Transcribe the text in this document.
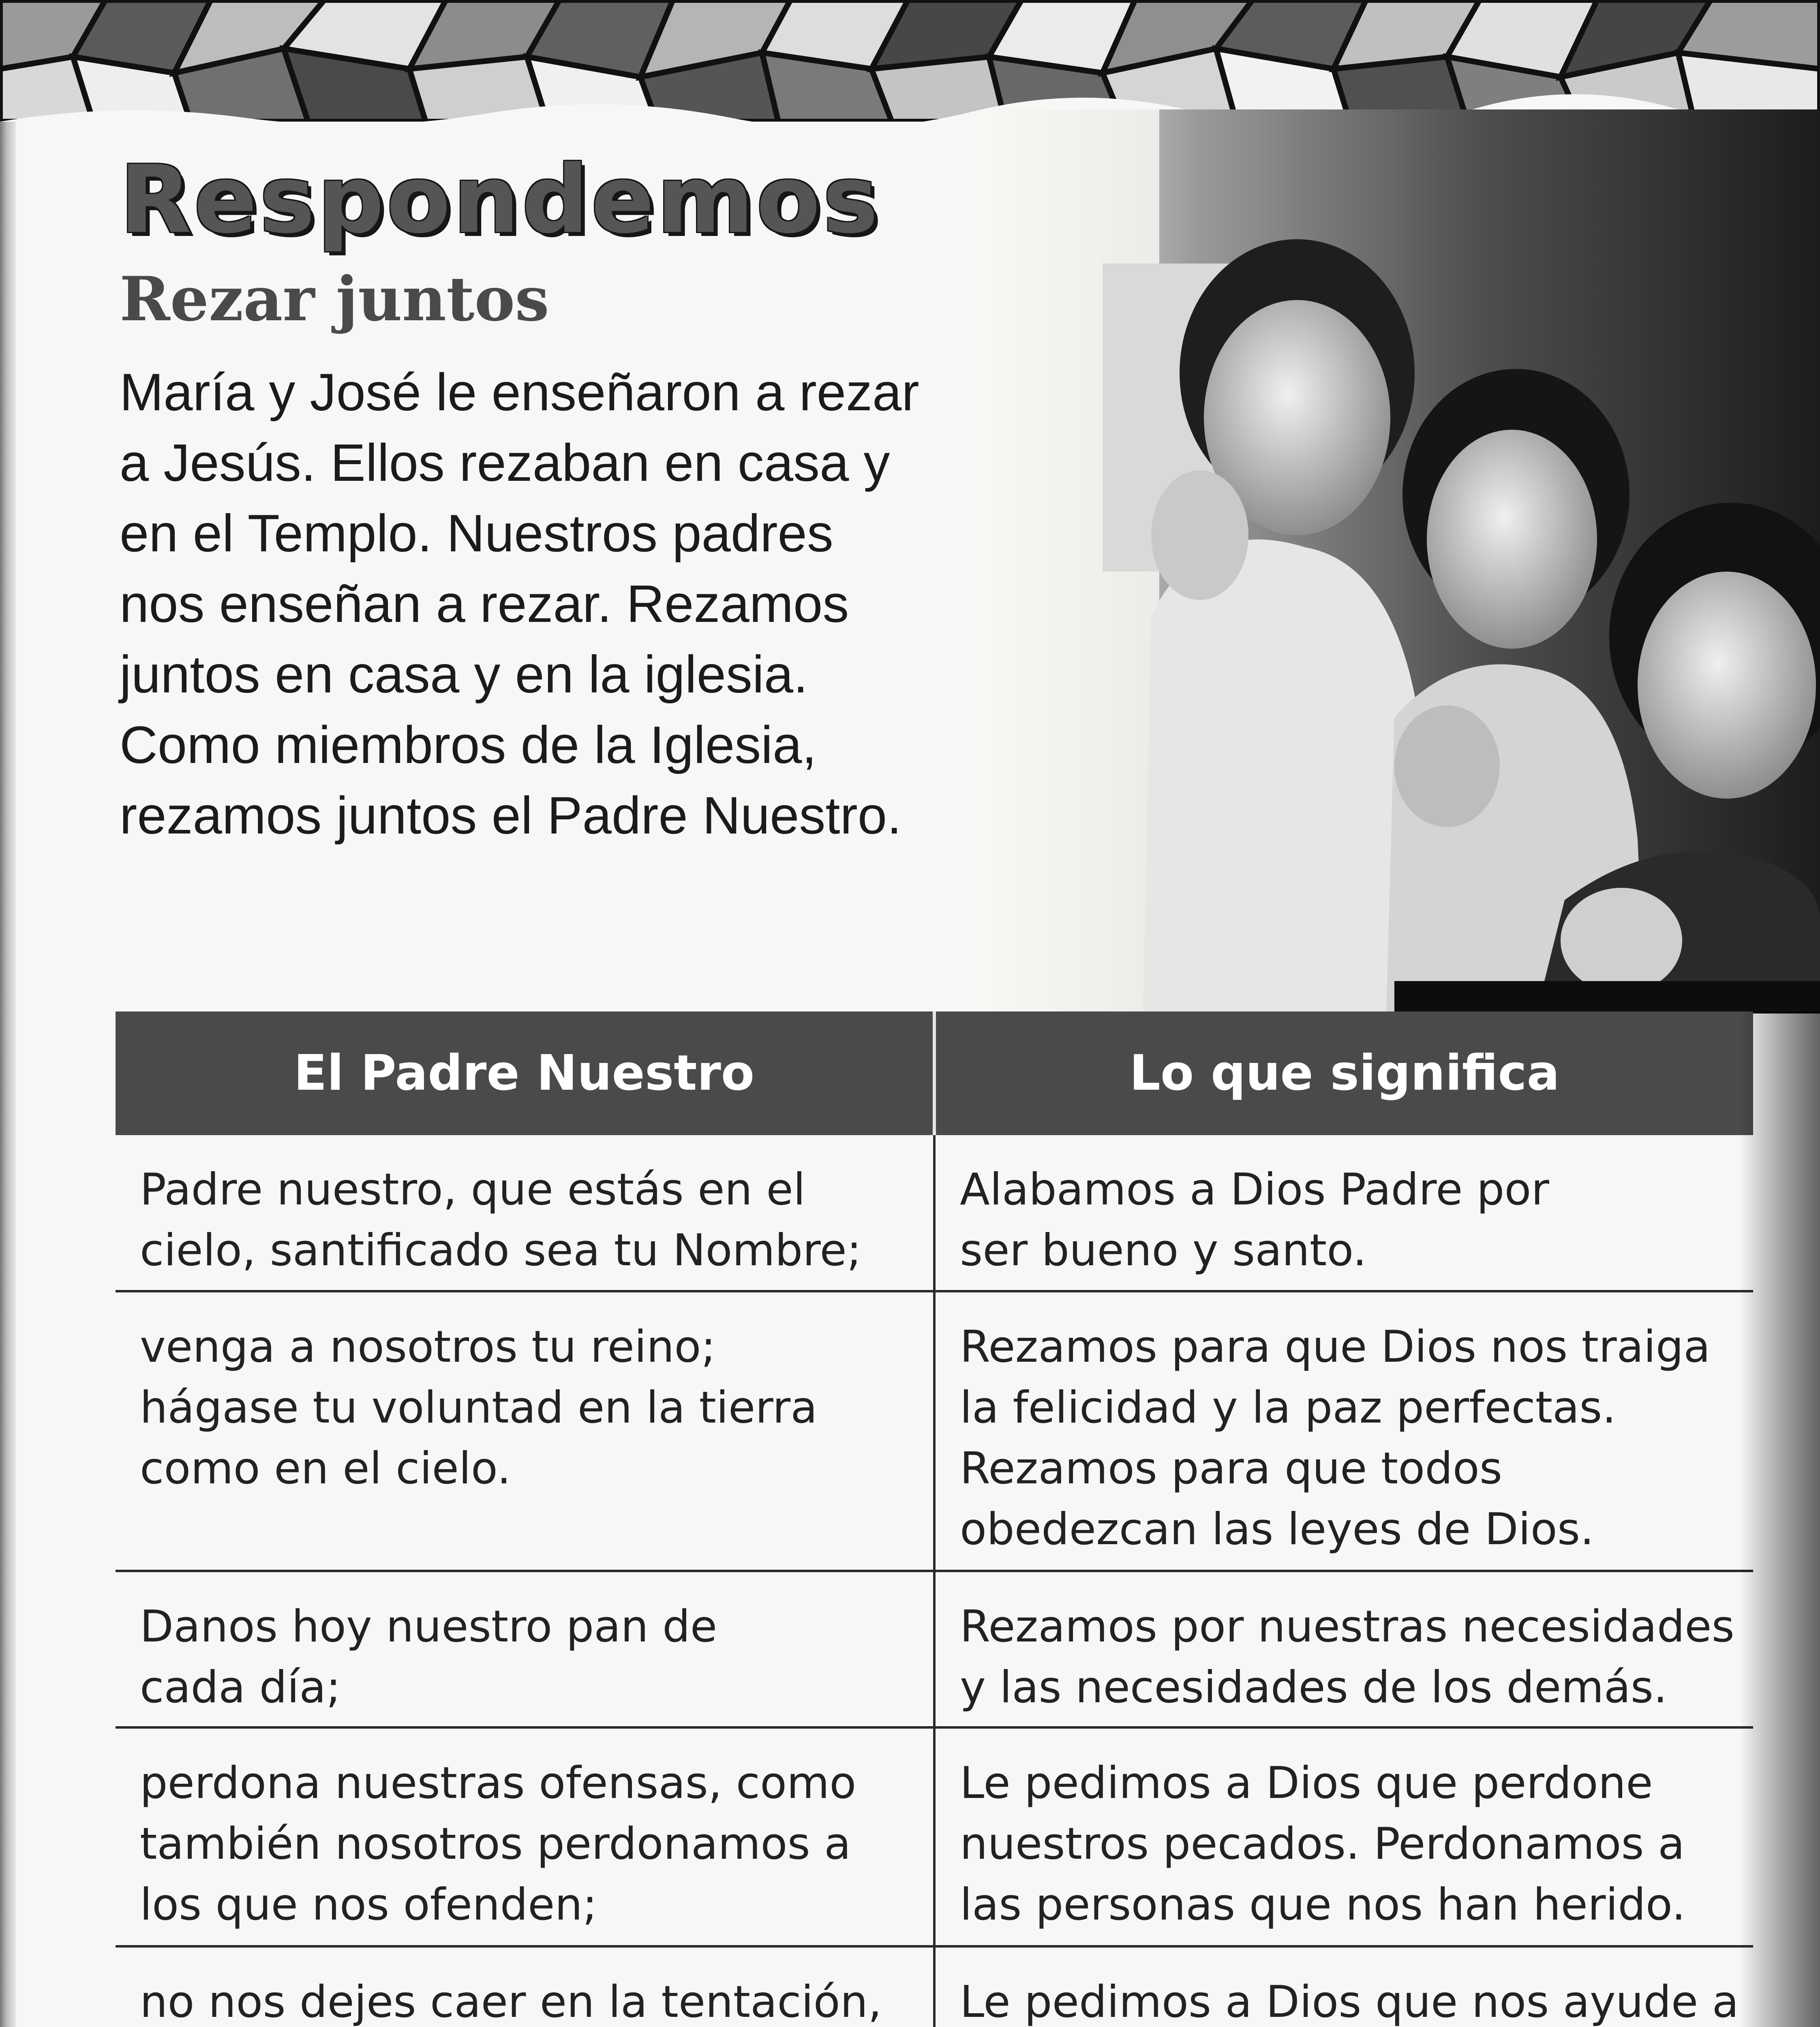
Respondemos
Rezar juntos
María y José le enseñaron a rezar
a Jesús. Ellos rezaban en casa y
en el Templo. Nuestros padres
nos enseñan a rezar. Rezamos
juntos en casa y en la iglesia.
Como miembros de la Iglesia,
rezamos juntos el Padre Nuestro.
El Padre Nuestro	Lo que significa

Padre nuestro, que estás en el
cielo, santificado sea tu Nombre;	Alabamos a Dios Padre por
ser bueno y santo.

venga a nosotros tu reino;
hágase tu voluntad en la tierra
como en el cielo.	Rezamos para que Dios nos traiga
la felicidad y la paz perfectas.
Rezamos para que todos
obedezcan las leyes de Dios.

Danos hoy nuestro pan de
cada día;	Rezamos por nuestras necesidades
y las necesidades de los demás.

perdona nuestras ofensas, como
también nosotros perdonamos a
los que nos ofenden;	Le pedimos a Dios que perdone
nuestros pecados. Perdonamos a
las personas que nos han herido.

no nos dejes caer en la tentación,	Le pedimos a Dios que nos ayude a
